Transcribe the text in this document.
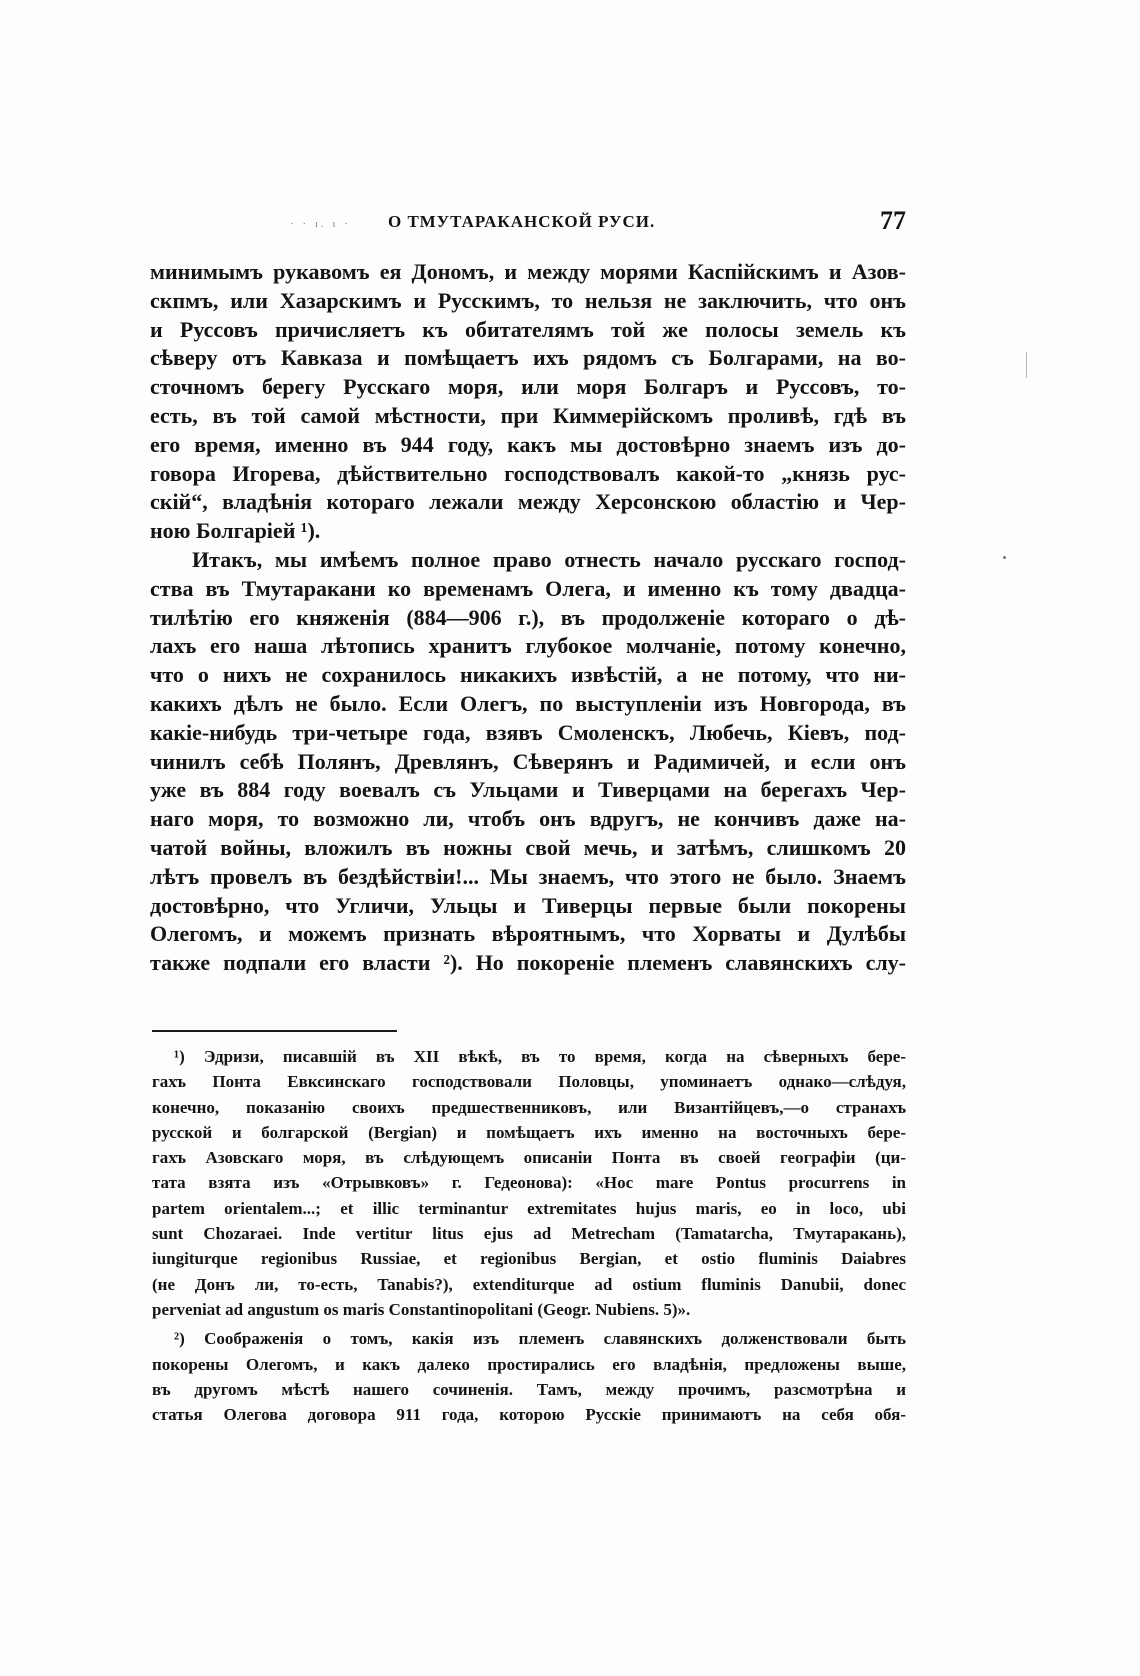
· · ı. ı · О ТМУТАРАКАНСКОЙ РУСИ.	77
минимымъ рукавомъ ея Дономъ, и между морями Каспійскимъ и Азов-
скпмъ, или Хазарскимъ и Русскимъ, то нельзя не заключить, что онъ
и Руссовъ причисляетъ къ обитателямъ той же полосы земель къ
сѣверу отъ Кавказа и помѣщаетъ ихъ рядомъ съ Болгарами, на во-
сточномъ берегу Русскаго моря, или моря Болгаръ и Руссовъ, то-
есть, въ той самой мѣстности, при Киммерійскомъ проливѣ, гдѣ въ
его время, именно въ 944 году, какъ мы достовѣрно знаемъ изъ до-
говора Игорева, дѣйствительно господствовалъ какой-то „князь рус-
скій“, владѣнія котораго лежали между Херсонскою областію и Чер-
ною Болгаріей ¹).
Итакъ, мы имѣемъ полное право отнесть начало русскаго господ-
ства въ Тмутаракани ко временамъ Олега, и именно къ тому двадца-
тилѣтію его княженія (884—906 г.), въ продолженіе котораго о дѣ-
лахъ его наша лѣтопись хранитъ глубокое молчаніе, потому конечно,
что о нихъ не сохранилось никакихъ извѣстій, а не потому, что ни-
какихъ дѣлъ не было. Если Олегъ, по выступленіи изъ Новгорода, въ
какіе-нибудь три-четыре года, взявъ Смоленскъ, Любечь, Кіевъ, под-
чинилъ себѣ Полянъ, Древлянъ, Сѣверянъ и Радимичей, и если онъ
уже въ 884 году воевалъ съ Ульцами и Тиверцами на берегахъ Чер-
наго моря, то возможно ли, чтобъ онъ вдругъ, не кончивъ даже на-
чатой войны, вложилъ въ ножны свой мечь, и затѣмъ, слишкомъ 20
лѣтъ провелъ въ бездѣйствіи!... Мы знаемъ, что этого не было. Знаемъ
достовѣрно, что Угличи, Ульцы и Тиверцы первые были покорены
Олегомъ, и можемъ признать вѣроятнымъ, что Хорваты и Дулѣбы
также подпали его власти ²). Но покореніе племенъ славянскихъ слу-
¹) Эдризи, писавшій въ XII вѣкѣ, въ то время, когда на сѣверныхъ бере-
гахъ Понта Евксинскаго господствовали Половцы, упоминаетъ однако—слѣдуя,
конечно, показанію своихъ предшественниковъ, или Византійцевъ,—о странахъ
русской и болгарской (Bergian) и помѣщаетъ ихъ именно на восточныхъ бере-
гахъ Азовскаго моря, въ слѣдующемъ описаніи Понта въ своей географіи (ци-
тата взята изъ «Отрывковъ» г. Гедеонова): «Hoc mare Pontus procurrens in
partem orientalem...; et illic terminantur extremitates hujus maris, eo in loco, ubi
sunt Chozaraei. Inde vertitur litus ejus ad Metrecham (Tamatarcha, Тмутаракань),
iungiturque regionibus Russiae, et regionibus Bergian, et ostio fluminis Daiabres
(не Донъ ли, то-есть, Tanabis?), extenditurque ad ostium fluminis Danubii, donec
perveniat ad angustum os maris Constantinopolitani (Geogr. Nubiens. 5)».
²) Соображенія о томъ, какія изъ племенъ славянскихъ долженствовали быть
покорены Олегомъ, и какъ далеко простирались его владѣнія, предложены выше,
въ другомъ мѣстѣ нашего сочиненія. Тамъ, между прочимъ, разсмотрѣна и
статья Олегова договора 911 года, которою Русскіе принимаютъ на себя обя-
